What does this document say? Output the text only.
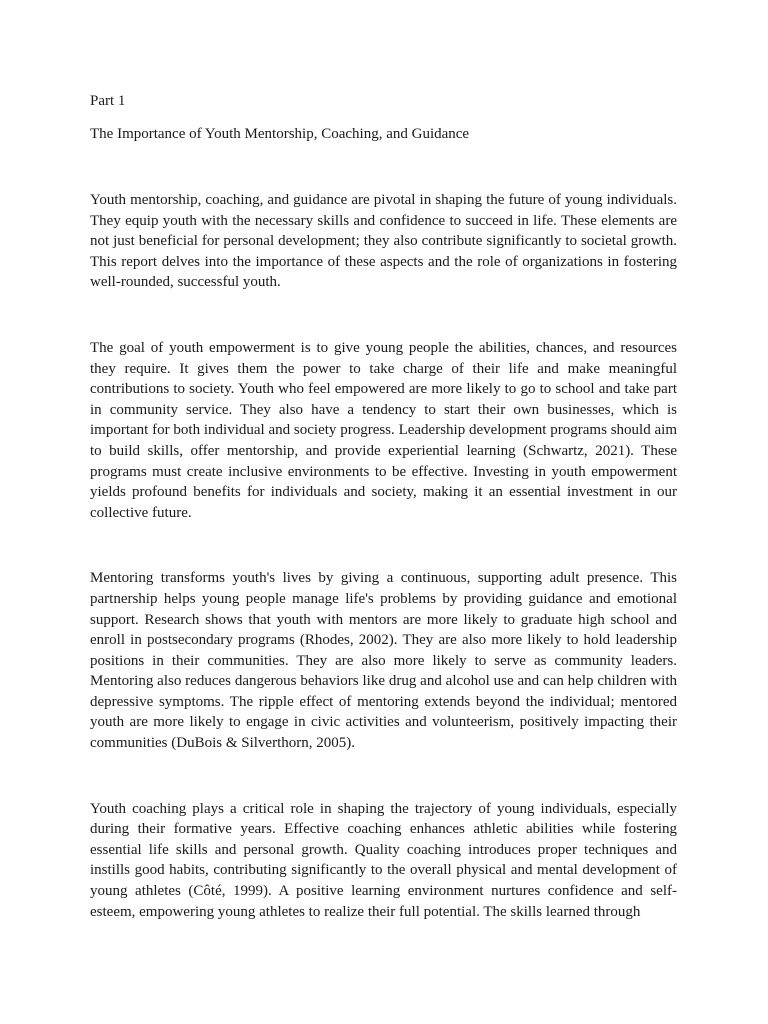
Part 1

The Importance of Youth Mentorship, Coaching, and Guidance

Youth mentorship, coaching, and guidance are pivotal in shaping the future of young individuals. They equip youth with the necessary skills and confidence to succeed in life. These elements are not just beneficial for personal development; they also contribute significantly to societal growth. This report delves into the importance of these aspects and the role of organizations in fostering well-rounded, successful youth.

The goal of youth empowerment is to give young people the abilities, chances, and resources they require. It gives them the power to take charge of their life and make meaningful contributions to society. Youth who feel empowered are more likely to go to school and take part in community service. They also have a tendency to start their own businesses, which is important for both individual and society progress. Leadership development programs should aim to build skills, offer mentorship, and provide experiential learning (Schwartz, 2021). These programs must create inclusive environments to be effective. Investing in youth empowerment yields profound benefits for individuals and society, making it an essential investment in our collective future.

Mentoring transforms youth's lives by giving a continuous, supporting adult presence. This partnership helps young people manage life's problems by providing guidance and emotional support. Research shows that youth with mentors are more likely to graduate high school and enroll in postsecondary programs (Rhodes, 2002). They are also more likely to hold leadership positions in their communities. They are also more likely to serve as community leaders. Mentoring also reduces dangerous behaviors like drug and alcohol use and can help children with depressive symptoms. The ripple effect of mentoring extends beyond the individual; mentored youth are more likely to engage in civic activities and volunteerism, positively impacting their communities (DuBois & Silverthorn, 2005).

Youth coaching plays a critical role in shaping the trajectory of young individuals, especially during their formative years. Effective coaching enhances athletic abilities while fostering essential life skills and personal growth. Quality coaching introduces proper techniques and instills good habits, contributing significantly to the overall physical and mental development of young athletes (Côté, 1999). A positive learning environment nurtures confidence and self-esteem, empowering young athletes to realize their full potential. The skills learned through
